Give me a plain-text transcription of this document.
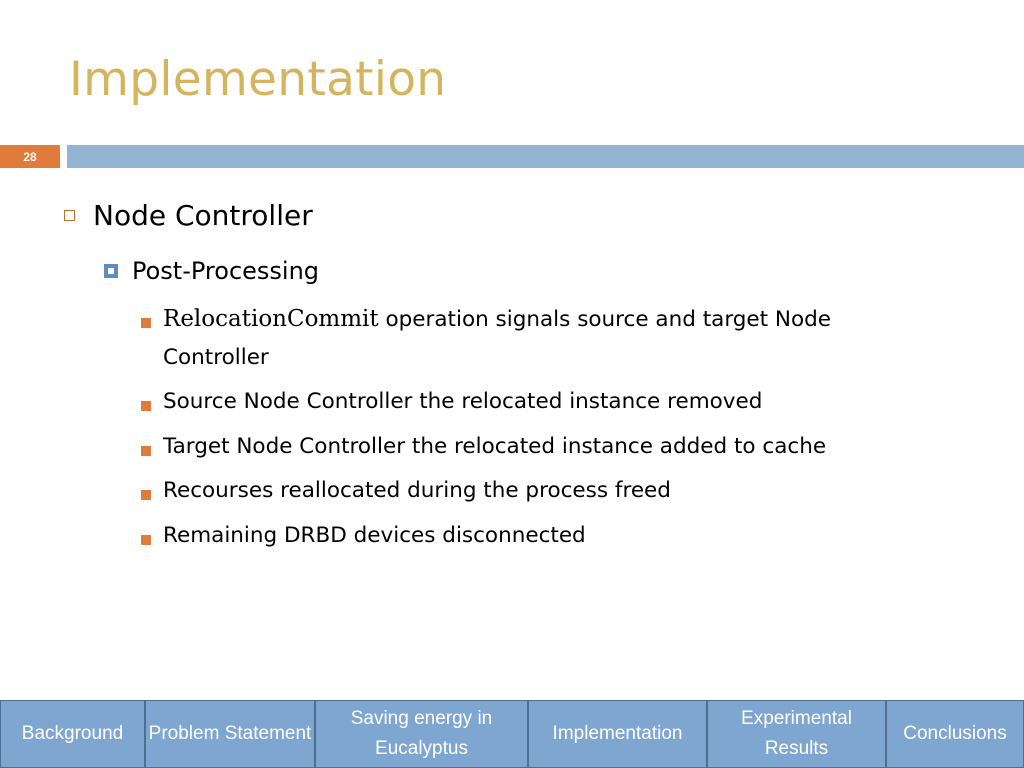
Implementation
28
Node Controller
Post-Processing
RelocationCommit operation signals source and target Node
Controller
Source Node Controller the relocated instance removed
Target Node Controller the relocated instance added to cache
Recourses reallocated during the process freed
Remaining DRBD devices disconnected
Background	Problem Statement
Saving energy in Eucalyptus
Implementation
Experimental Results
Conclusions
